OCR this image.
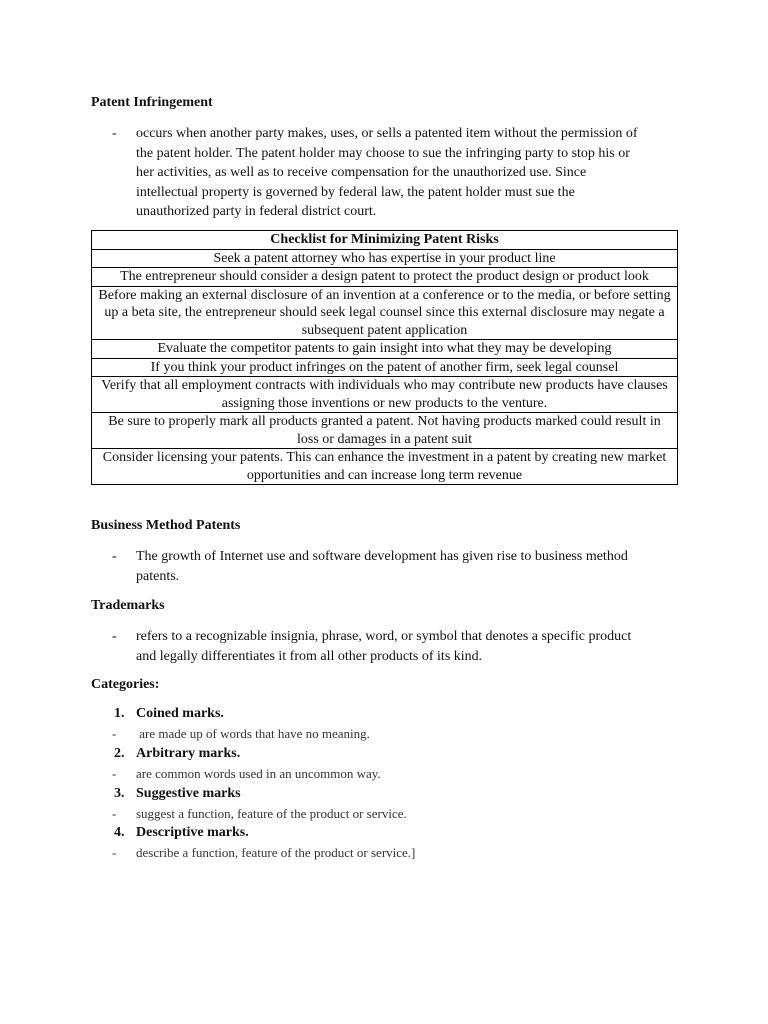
Patent Infringement
- occurs when another party makes, uses, or sells a patented item without the permission of
the patent holder. The patent holder may choose to sue the infringing party to stop his or
her activities, as well as to receive compensation for the unauthorized use. Since
intellectual property is governed by federal law, the patent holder must sue the
unauthorized party in federal district court.
Checklist for Minimizing Patent Risks
Seek a patent attorney who has expertise in your product line
The entrepreneur should consider a design patent to protect the product design or product look
Before making an external disclosure of an invention at a conference or to the media, or before setting up a beta site, the entrepreneur should seek legal counsel since this external disclosure may negate a subsequent patent application
Evaluate the competitor patents to gain insight into what they may be developing
If you think your product infringes on the patent of another firm, seek legal counsel
Verify that all employment contracts with individuals who may contribute new products have clauses assigning those inventions or new products to the venture.
Be sure to properly mark all products granted a patent. Not having products marked could result in loss or damages in a patent suit
Consider licensing your patents. This can enhance the investment in a patent by creating new market opportunities and can increase long term revenue
Business Method Patents
- The growth of Internet use and software development has given rise to business method
patents.
Trademarks
- refers to a recognizable insignia, phrase, word, or symbol that denotes a specific product
and legally differentiates it from all other products of its kind.
Categories:
1. Coined marks.
- are made up of words that have no meaning.
2. Arbitrary marks.
- are common words used in an uncommon way.
3. Suggestive marks
- suggest a function, feature of the product or service.
4. Descriptive marks.
- describe a function, feature of the product or service.]
